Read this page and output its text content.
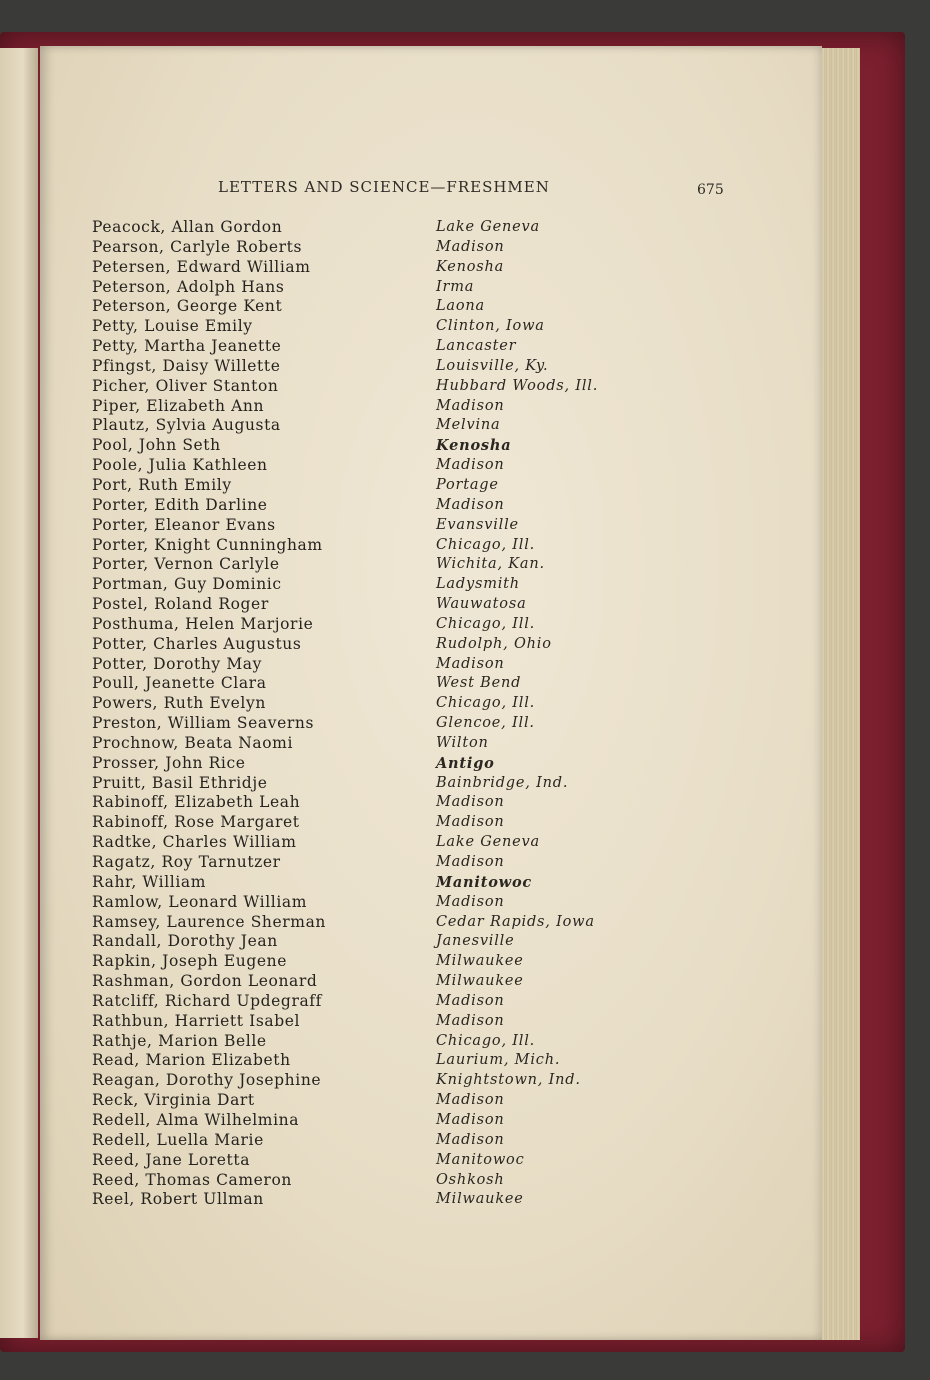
LETTERS AND SCIENCE—FRESHMEN	675
Peacock, Allan Gordon	Lake Geneva
Pearson, Carlyle Roberts	Madison
Petersen, Edward William	Kenosha
Peterson, Adolph Hans	Irma
Peterson, George Kent	Laona
Petty, Louise Emily	Clinton, Iowa
Petty, Martha Jeanette	Lancaster
Pfingst, Daisy Willette	Louisville, Ky.
Picher, Oliver Stanton	Hubbard Woods, Ill.
Piper, Elizabeth Ann	Madison
Plautz, Sylvia Augusta	Melvina
Pool, John Seth	Kenosha
Poole, Julia Kathleen	Madison
Port, Ruth Emily	Portage
Porter, Edith Darline	Madison
Porter, Eleanor Evans	Evansville
Porter, Knight Cunningham	Chicago, Ill.
Porter, Vernon Carlyle	Wichita, Kan.
Portman, Guy Dominic	Ladysmith
Postel, Roland Roger	Wauwatosa
Posthuma, Helen Marjorie	Chicago, Ill.
Potter, Charles Augustus	Rudolph, Ohio
Potter, Dorothy May	Madison
Poull, Jeanette Clara	West Bend
Powers, Ruth Evelyn	Chicago, Ill.
Preston, William Seaverns	Glencoe, Ill.
Prochnow, Beata Naomi	Wilton
Prosser, John Rice	Antigo
Pruitt, Basil Ethridje	Bainbridge, Ind.
Rabinoff, Elizabeth Leah	Madison
Rabinoff, Rose Margaret	Madison
Radtke, Charles William	Lake Geneva
Ragatz, Roy Tarnutzer	Madison
Rahr, William	Manitowoc
Ramlow, Leonard William	Madison
Ramsey, Laurence Sherman	Cedar Rapids, Iowa
Randall, Dorothy Jean	Janesville
Rapkin, Joseph Eugene	Milwaukee
Rashman, Gordon Leonard	Milwaukee
Ratcliff, Richard Updegraff	Madison
Rathbun, Harriett Isabel	Madison
Rathje, Marion Belle	Chicago, Ill.
Read, Marion Elizabeth	Laurium, Mich.
Reagan, Dorothy Josephine	Knightstown, Ind.
Reck, Virginia Dart	Madison
Redell, Alma Wilhelmina	Madison
Redell, Luella Marie	Madison
Reed, Jane Loretta	Manitowoc
Reed, Thomas Cameron	Oshkosh
Reel, Robert Ullman	Milwaukee
